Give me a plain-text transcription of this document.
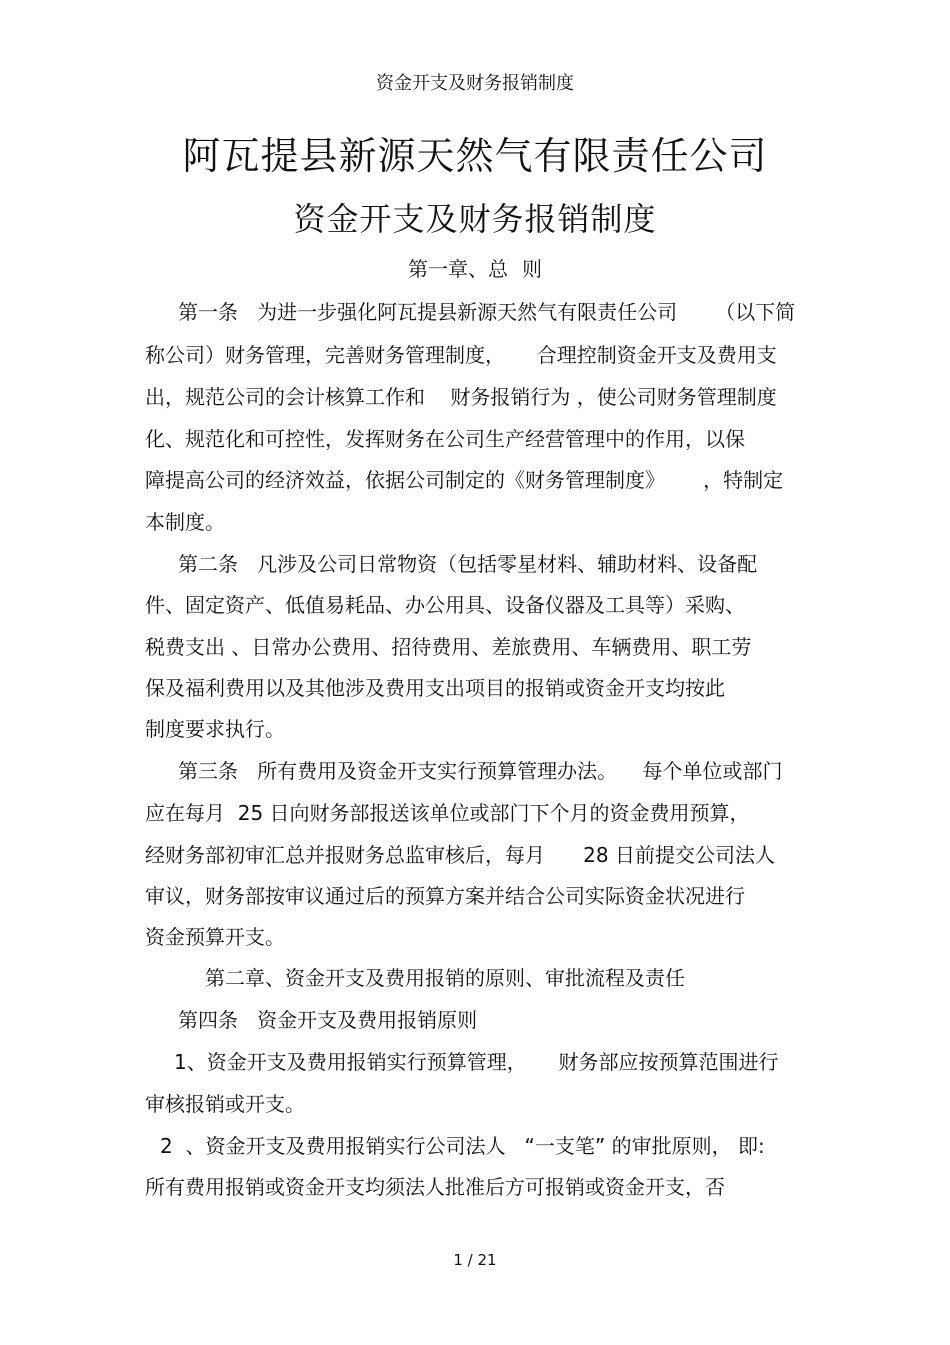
资金开支及财务报销制度
阿瓦提县新源天然气有限责任公司
资金开支及财务报销制度
第一章、总 则
第一条   为进一步强化阿瓦提县新源天然气有限责任公司      （以下简
称公司）财务管理，完善财务管理制度，     合理控制资金开支及费用支
出，规范公司的会计核算工作和    财务报销行为 ，使公司财务管理制度
化、规范化和可控性，发挥财务在公司生产经营管理中的作用，以保
障提高公司的经济效益，依据公司制定的《财务管理制度》      ，特制定
本制度。
第二条   凡涉及公司日常物资（包括零星材料、辅助材料、设备配
件、固定资产、低值易耗品、办公用具、设备仪器及工具等）采购、
税费支出 、日常办公费用、招待费用、差旅费用、车辆费用、职工劳
保及福利费用以及其他涉及费用支出项目的报销或资金开支均按此
制度要求执行。
第三条   所有费用及资金开支实行预算管理办法。    每个单位或部门
应在每月  25 日向财务部报送该单位或部门下个月的资金费用预算，
经财务部初审汇总并报财务总监审核后，每月      28 日前提交公司法人
审议，财务部按审议通过后的预算方案并结合公司实际资金状况进行
资金预算开支。
第二章、资金开支及费用报销的原则、审批流程及责任
第四条   资金开支及费用报销原则
1、资金开支及费用报销实行预算管理，     财务部应按预算范围进行
审核报销或开支。
2  、资金开支及费用报销实行公司法人   “一支笔” 的审批原则， 即:
所有费用报销或资金开支均须法人批准后方可报销或资金开支，否
1 / 21
